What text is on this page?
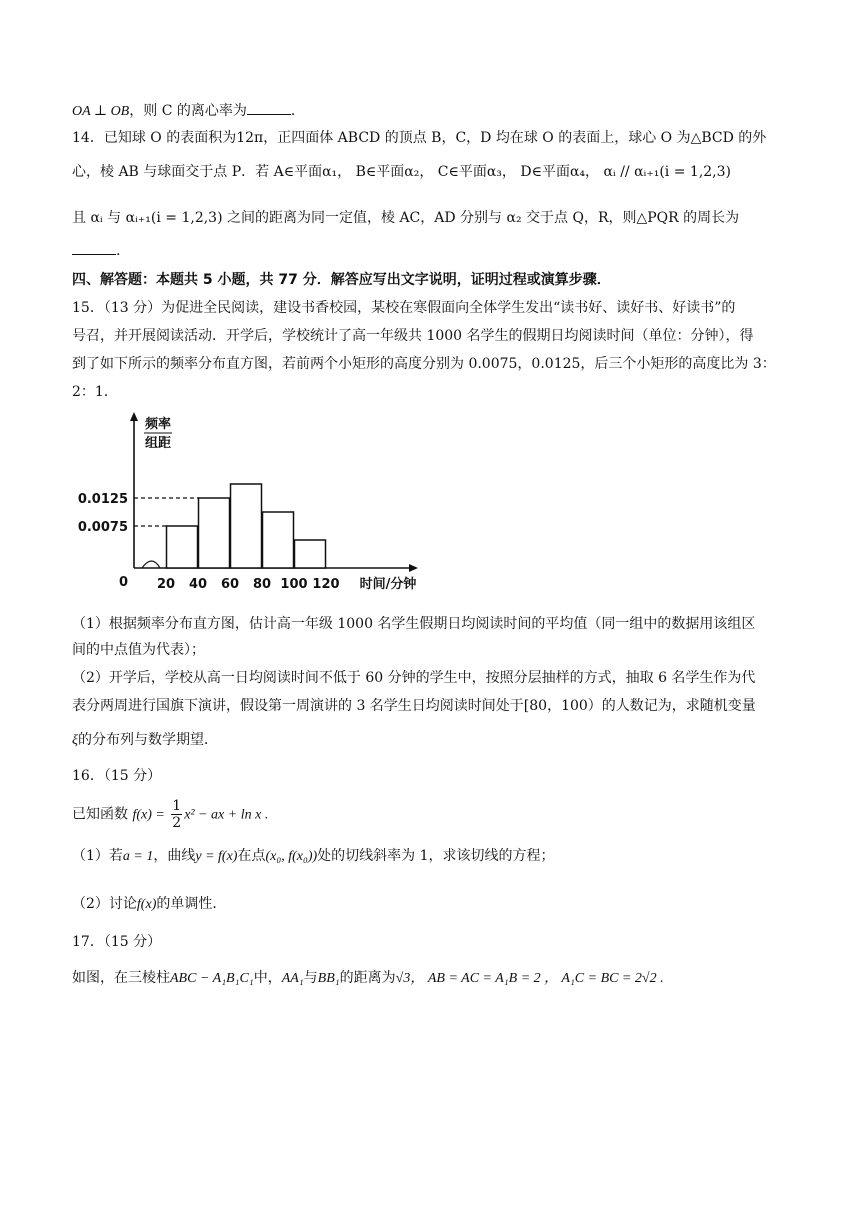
OA ⊥ OB，则 C 的离心率为	.
14．已知球 O 的表面积为12π，正四面体 ABCD 的顶点 B，C，D 均在球 O 的表面上，球心 O 为△BCD 的外
心，棱 AB 与球面交于点 P．若 A∈平面α₁， B∈平面α₂， C∈平面α₃， D∈平面α₄， αᵢ // αᵢ₊₁(i = 1,2,3)
且 αᵢ 与 αᵢ₊₁(i = 1,2,3) 之间的距离为同一定值，棱 AC，AD 分别与 α₂ 交于点 Q，R，则△PQR 的周长为
.
四、解答题：本题共 5 小题，共 77 分．解答应写出文字说明，证明过程或演算步骤．
15．（13 分）为促进全民阅读，建设书香校园，某校在寒假面向全体学生发出“读书好、读好书、好读书”的
号召，并开展阅读活动．开学后，学校统计了高一年级共 1000 名学生的假期日均阅读时间（单位：分钟），得
到了如下所示的频率分布直方图，若前两个小矩形的高度分别为 0.0075，0.0125，后三个小矩形的高度比为 3：
2：1．
0.0075
0.0125
20 40 60 80 100 120
0	时间/分钟
频率
组距
（1）根据频率分布直方图，估计高一年级 1000 名学生假期日均阅读时间的平均值（同一组中的数据用该组区
间的中点值为代表）；
（2）开学后，学校从高一日均阅读时间不低于 60 分钟的学生中，按照分层抽样的方式，抽取 6 名学生作为代
表分两周进行国旗下演讲，假设第一周演讲的 3 名学生日均阅读时间处于[80，100）的人数记为，求随机变量
ξ的分布列与数学期望．
16．（15 分）
已知函数 $f(x) = \frac{1}{2} x^2$ − ax + ln x .
（1）若a = 1，曲线y = f(x)在点(x₀, f(x₀))处的切线斜率为 1，求该切线的方程；
（2）讨论f(x)的单调性．
17．（15 分）
如图，在三棱柱ABC − A₁B₁C₁中，AA₁与BB₁的距离为√3， AB = AC = A₁B = 2 ， A₁C = BC = 2√2 .
